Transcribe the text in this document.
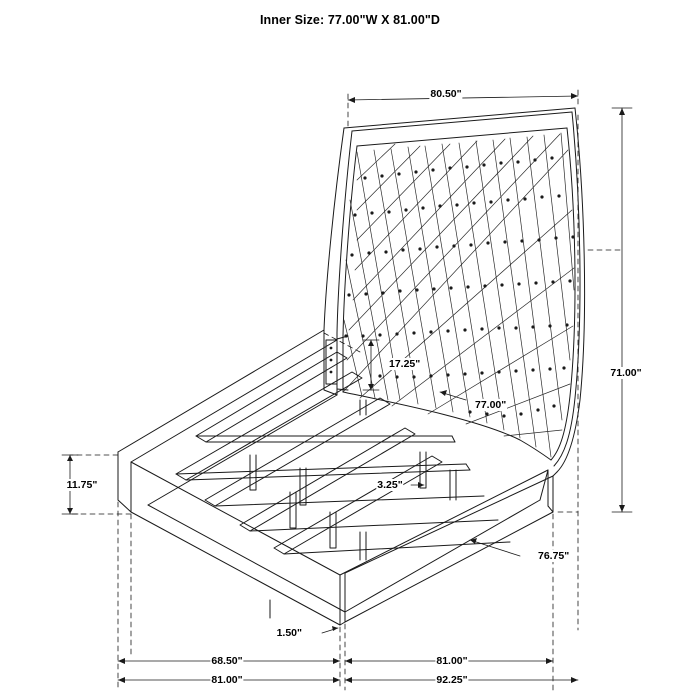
Inner Size: 77.00"W X 81.00"D
80.50"
71.00"
17.25"
77.00"
3.25"
11.75"
76.75"
1.50"
68.50"	81.00"
81.00"	92.25"
